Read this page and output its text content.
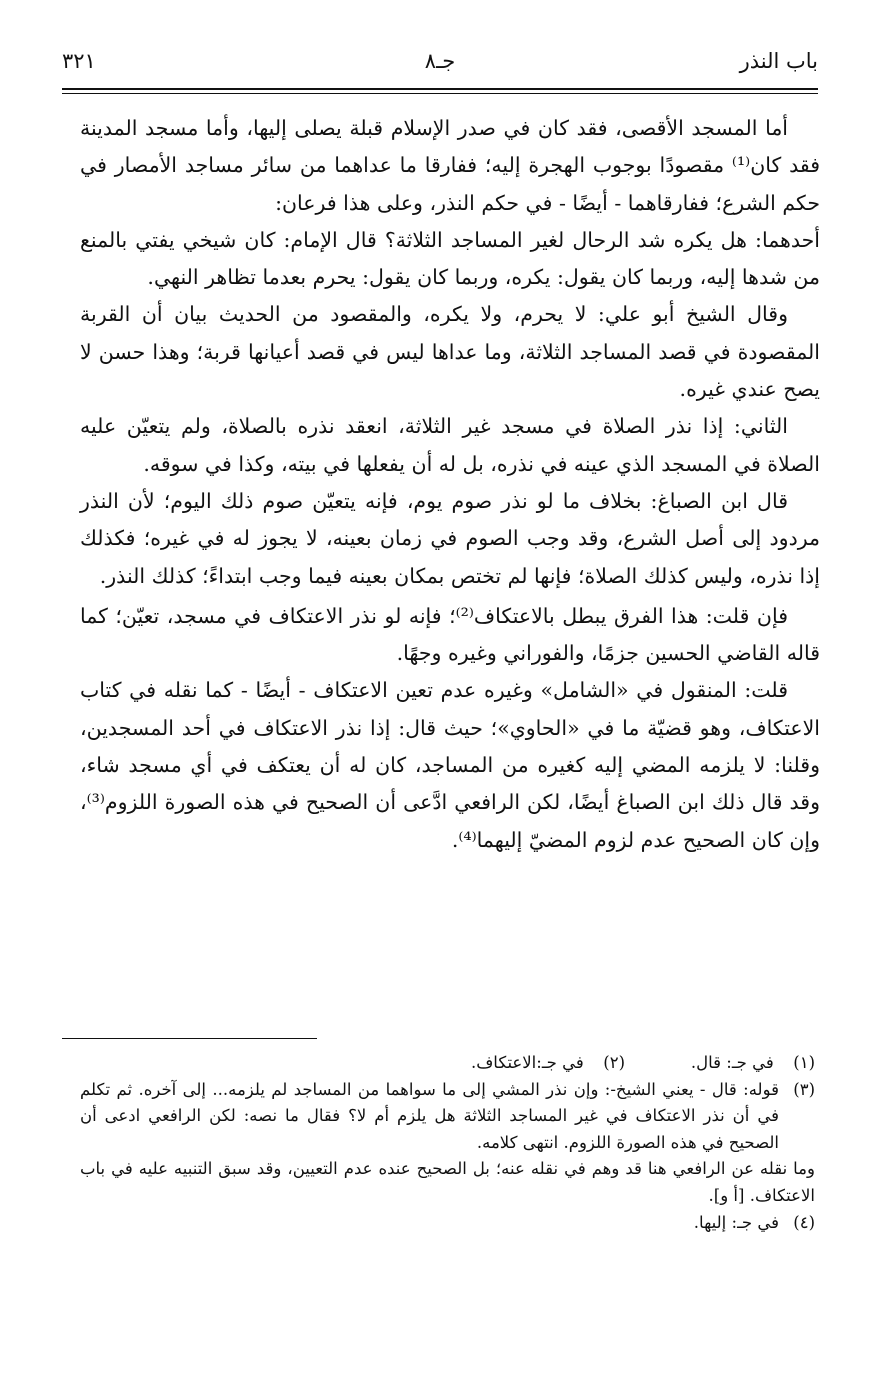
باب النذر
جـ٨
٣٢١

أما المسجد الأقصى، فقد كان في صدر الإسلام قبلة يصلى إليها، وأما مسجد المدينة فقد كان⁽¹⁾ مقصودًا بوجوب الهجرة إليه؛ ففارقا ما عداهما من سائر مساجد الأمصار في حكم الشرع؛ ففارقاهما - أيضًا - في حكم النذر، وعلى هذا فرعان:

أحدهما: هل يكره شد الرحال لغير المساجد الثلاثة؟ قال الإمام: كان شيخي يفتي بالمنع من شدها إليه، وربما كان يقول: يكره، وربما كان يقول: يحرم بعدما تظاهر النهي.

وقال الشيخ أبو علي: لا يحرم، ولا يكره، والمقصود من الحديث بيان أن القربة المقصودة في قصد المساجد الثلاثة، وما عداها ليس في قصد أعيانها قربة؛ وهذا حسن لا يصح عندي غيره.

الثاني: إذا نذر الصلاة في مسجد غير الثلاثة، انعقد نذره بالصلاة، ولم يتعيّن عليه الصلاة في المسجد الذي عينه في نذره، بل له أن يفعلها في بيته، وكذا في سوقه.

قال ابن الصباغ: بخلاف ما لو نذر صوم يوم، فإنه يتعيّن صوم ذلك اليوم؛ لأن النذر مردود إلى أصل الشرع، وقد وجب الصوم في زمان بعينه، لا يجوز له في غيره؛ فكذلك إذا نذره، وليس كذلك الصلاة؛ فإنها لم تختص بمكان بعينه فيما وجب ابتداءً؛ كذلك النذر.

فإن قلت: هذا الفرق يبطل بالاعتكاف⁽²⁾؛ فإنه لو نذر الاعتكاف في مسجد، تعيّن؛ كما قاله القاضي الحسين جزمًا، والفوراني وغيره وجهًا.

قلت: المنقول في «الشامل» وغيره عدم تعين الاعتكاف - أيضًا - كما نقله في كتاب الاعتكاف، وهو قضيّة ما في «الحاوي»؛ حيث قال: إذا نذر الاعتكاف في أحد المسجدين، وقلنا: لا يلزمه المضي إليه كغيره من المساجد، كان له أن يعتكف في أي مسجد شاء، وقد قال ذلك ابن الصباغ أيضًا، لكن الرافعي ادَّعى أن الصحيح في هذه الصورة اللزوم⁽³⁾، وإن كان الصحيح عدم لزوم المضيّ إليهما⁽⁴⁾.

(١) في جـ: قال.
(٢) في جـ:الاعتكاف.
(٣)
قوله: قال - يعني الشيخ-: وإن نذر المشي إلى ما سواهما من المساجد لم يلزمه... إلى آخره. ثم تكلم في أن نذر الاعتكاف في غير المساجد الثلاثة هل يلزم أم لا؟ فقال ما نصه: لكن الرافعي ادعى أن الصحيح في هذه الصورة اللزوم. انتهى كلامه.
وما نقله عن الرافعي هنا قد وهم في نقله عنه؛ بل الصحيح عنده عدم التعيين، وقد سبق التنبيه عليه في باب الاعتكاف. [أ و].
(٤)
في جـ: إليها.
